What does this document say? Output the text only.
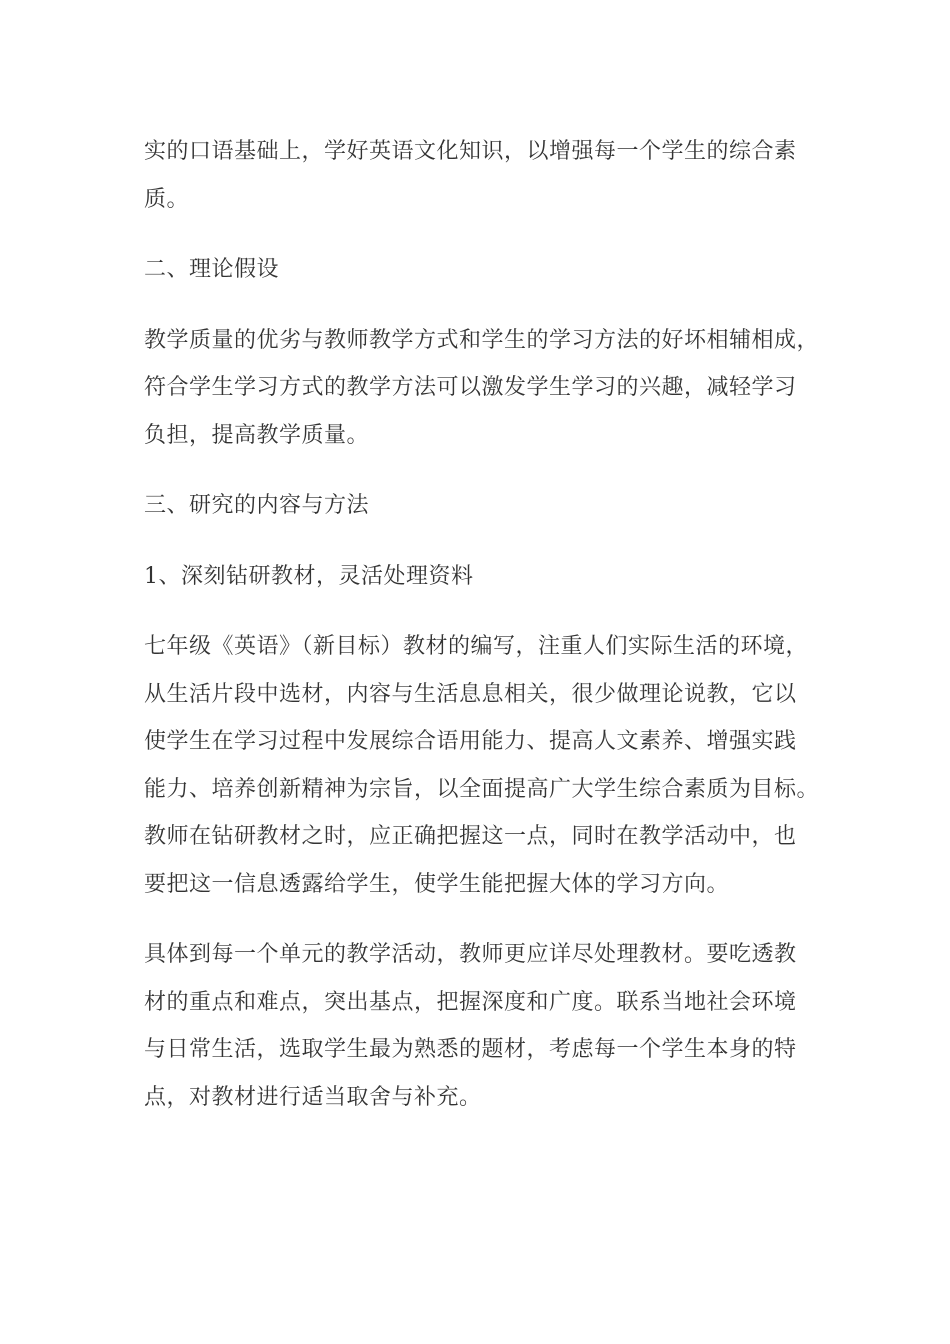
实的口语基础上，学好英语文化知识，以增强每一个学生的综合素
质。

二、理论假设

教学质量的优劣与教师教学方式和学生的学习方法的好坏相辅相成，
符合学生学习方式的教学方法可以激发学生学习的兴趣，减轻学习
负担，提高教学质量。

三、研究的内容与方法

1、深刻钻研教材，灵活处理资料

七年级《英语》（新目标）教材的编写，注重人们实际生活的环境，
从生活片段中选材，内容与生活息息相关，很少做理论说教，它以
使学生在学习过程中发展综合语用能力、提高人文素养、增强实践
能力、培养创新精神为宗旨，以全面提高广大学生综合素质为目标。
教师在钻研教材之时，应正确把握这一点，同时在教学活动中，也
要把这一信息透露给学生，使学生能把握大体的学习方向。

具体到每一个单元的教学活动，教师更应详尽处理教材。要吃透教
材的重点和难点，突出基点，把握深度和广度。联系当地社会环境
与日常生活，选取学生最为熟悉的题材，考虑每一个学生本身的特
点，对教材进行适当取舍与补充。
